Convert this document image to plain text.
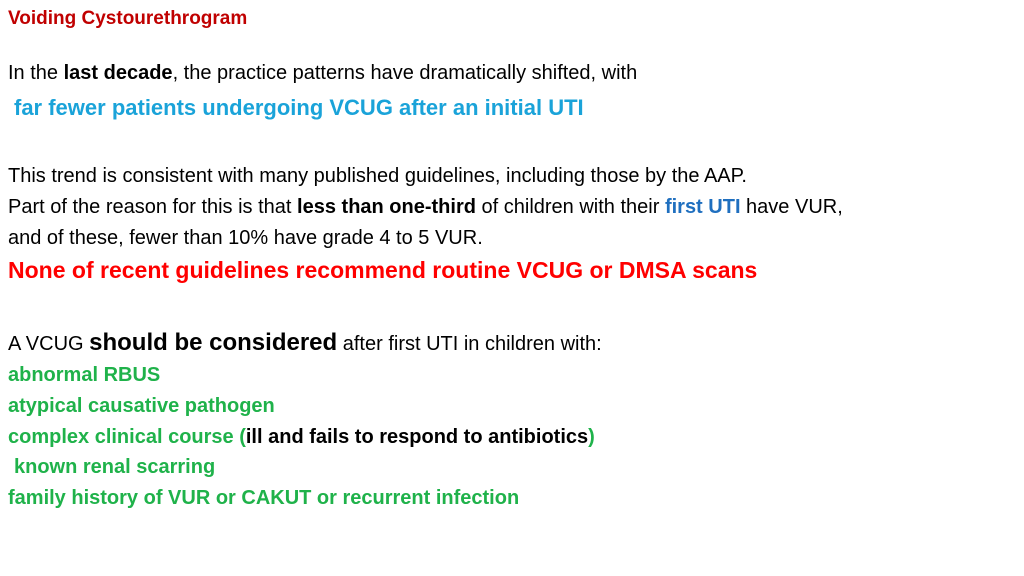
Voiding Cystourethrogram
In the last decade, the practice patterns have dramatically shifted, with
far fewer patients undergoing VCUG after an initial UTI
This trend is consistent with many published guidelines, including those by the AAP.
Part of the reason for this is that less than one-third of children with their first UTI have VUR,
and of these, fewer than 10% have grade 4 to 5 VUR.
None of recent guidelines recommend routine VCUG or DMSA scans
A VCUG should be considered after first UTI in children with:
abnormal RBUS
atypical causative pathogen
complex clinical course (ill and fails to respond to antibiotics)
known renal scarring
family history of VUR or CAKUT or recurrent infection
